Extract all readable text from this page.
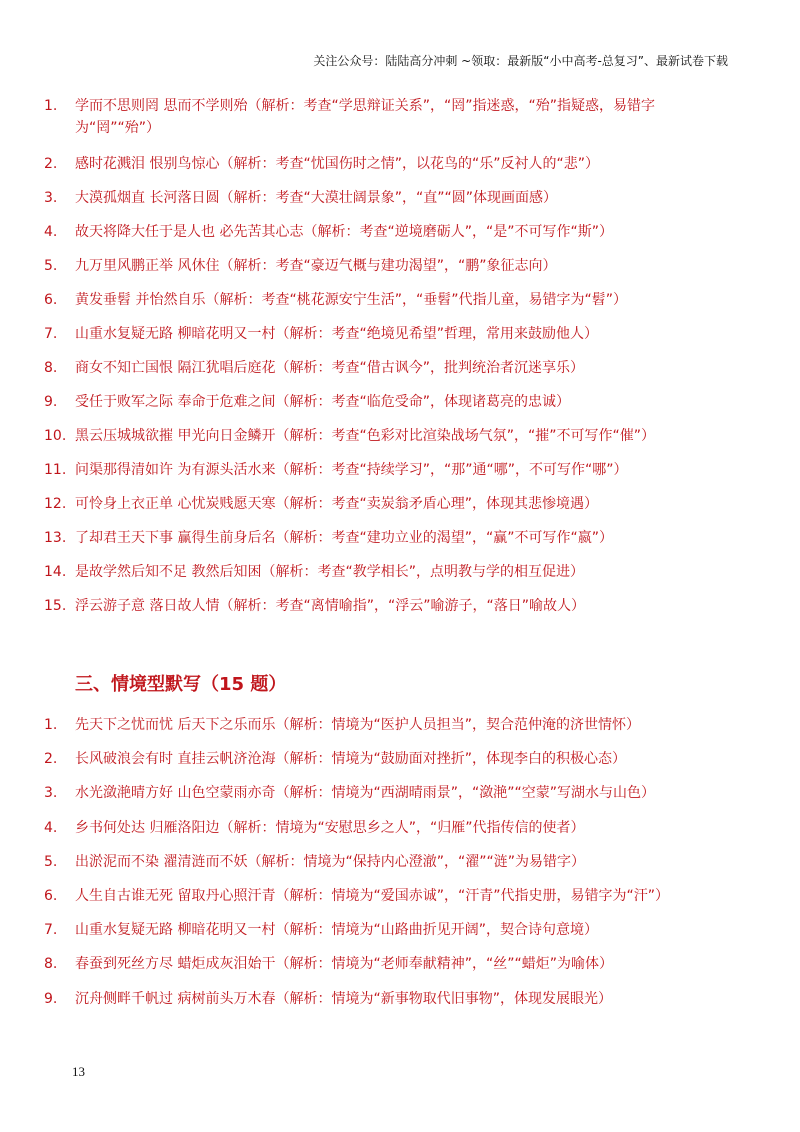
关注公众号：陆陆高分冲刺 ~领取：最新版“小中高考-总复习”、最新试卷下载
1.	学而不思则罔 思而不学则殆（解析：考查“学思辩证关系”，“罔”指迷惑，“殆”指疑惑，易错字为“罔”“殆”）
2.	感时花溅泪 恨别鸟惊心（解析：考查“忧国伤时之情”，以花鸟的“乐”反衬人的“悲”）
3.	大漠孤烟直 长河落日圆（解析：考查“大漠壮阔景象”，“直”“圆”体现画面感）
4.	故天将降大任于是人也 必先苦其心志（解析：考查“逆境磨砺人”，“是”不可写作“斯”）
5.	九万里风鹏正举 风休住（解析：考查“豪迈气概与建功渴望”，“鹏”象征志向）
6.	黄发垂髫 并怡然自乐（解析：考查“桃花源安宁生活”，“垂髫”代指儿童，易错字为“髫”）
7.	山重水复疑无路 柳暗花明又一村（解析：考查“绝境见希望”哲理，常用来鼓励他人）
8.	商女不知亡国恨 隔江犹唱后庭花（解析：考查“借古讽今”，批判统治者沉迷享乐）
9.	受任于败军之际 奉命于危难之间（解析：考查“临危受命”，体现诸葛亮的忠诚）
10. 黑云压城城欲摧 甲光向日金鳞开（解析：考查“色彩对比渲染战场气氛”，“摧”不可写作“催”）
11. 问渠那得清如许 为有源头活水来（解析：考查“持续学习”，“那”通“哪”，不可写作“哪”）
12. 可怜身上衣正单 心忧炭贱愿天寒（解析：考查“卖炭翁矛盾心理”，体现其悲惨境遇）
13. 了却君王天下事 赢得生前身后名（解析：考查“建功立业的渴望”，“赢”不可写作“嬴”）
14. 是故学然后知不足 教然后知困（解析：考查“教学相长”，点明教与学的相互促进）
15. 浮云游子意 落日故人情（解析：考查“离情喻指”，“浮云”喻游子，“落日”喻故人）
三、情境型默写（15 题）
1.	先天下之忧而忧 后天下之乐而乐（解析：情境为“医护人员担当”，契合范仲淹的济世情怀）
2.	长风破浪会有时 直挂云帆济沧海（解析：情境为“鼓励面对挫折”，体现李白的积极心态）
3.	水光潋滟晴方好 山色空蒙雨亦奇（解析：情境为“西湖晴雨景”，“潋滟”“空蒙”写湖水与山色）
4.	乡书何处达 归雁洛阳边（解析：情境为“安慰思乡之人”，“归雁”代指传信的使者）
5.	出淤泥而不染 濯清涟而不妖（解析：情境为“保持内心澄澈”，“濯”“涟”为易错字）
6.	人生自古谁无死 留取丹心照汗青（解析：情境为“爱国赤诚”，“汗青”代指史册，易错字为“汗”）
7.	山重水复疑无路 柳暗花明又一村（解析：情境为“山路曲折见开阔”，契合诗句意境）
8.	春蚕到死丝方尽 蜡炬成灰泪始干（解析：情境为“老师奉献精神”，“丝”“蜡炬”为喻体）
9.	沉舟侧畔千帆过 病树前头万木春（解析：情境为“新事物取代旧事物”，体现发展眼光）
13
